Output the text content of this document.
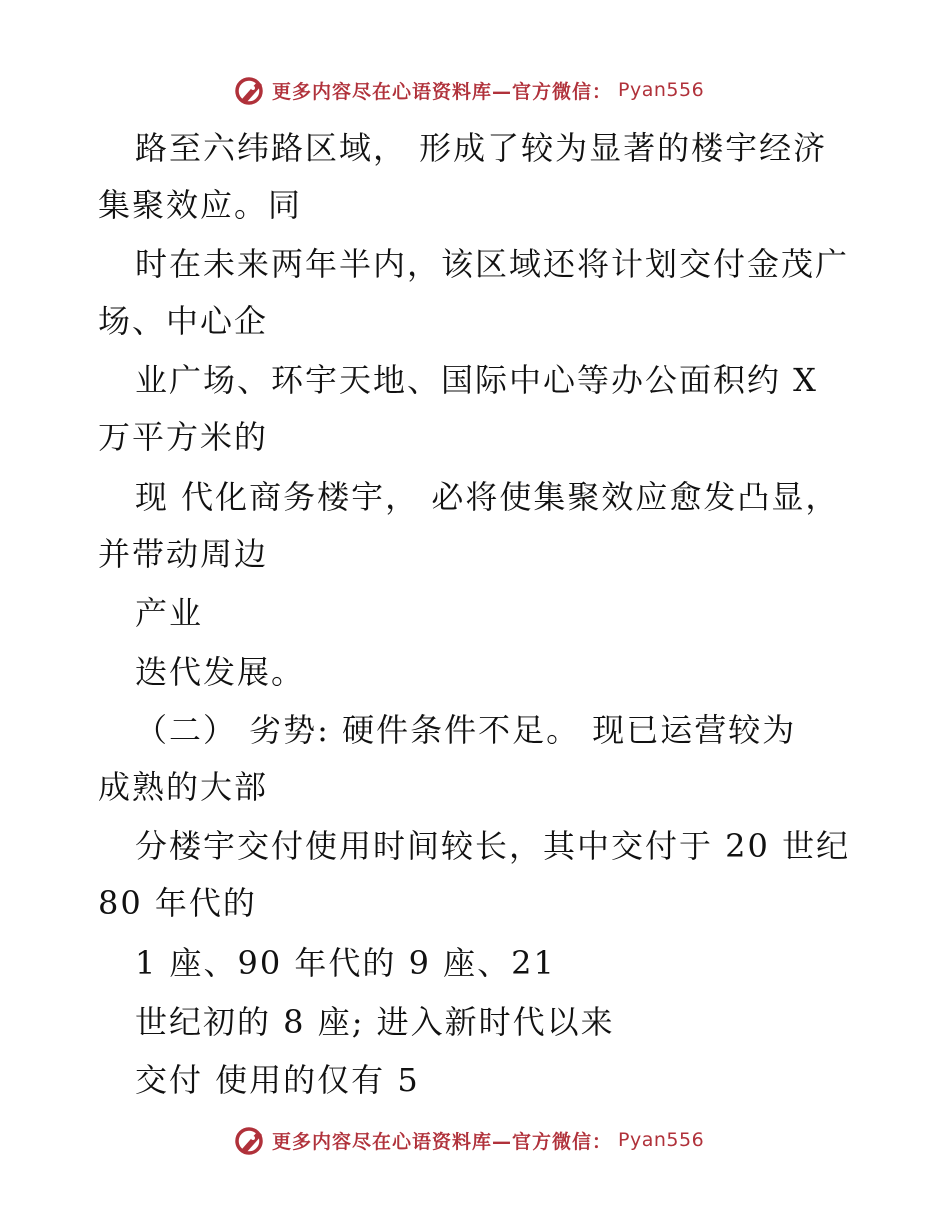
更多内容尽在心语资料库—官方微信： Pyan556
路至六纬路区域， 形成了较为显著的楼宇经济
集聚效应。同
时在未来两年半内，该区域还将计划交付金茂广
场、中心企
业广场、环宇天地、国际中心等办公面积约 X
万平方米的
现 代化商务楼宇， 必将使集聚效应愈发凸显，
并带动周边
产业
迭代发展。
（二） 劣势: 硬件条件不足。 现已运营较为
成熟的大部
分楼宇交付使用时间较长，其中交付于 20 世纪
80 年代的
1 座、90 年代的 9 座、21
世纪初的 8 座; 进入新时代以来
交付 使用的仅有 5
更多内容尽在心语资料库—官方微信： Pyan556
